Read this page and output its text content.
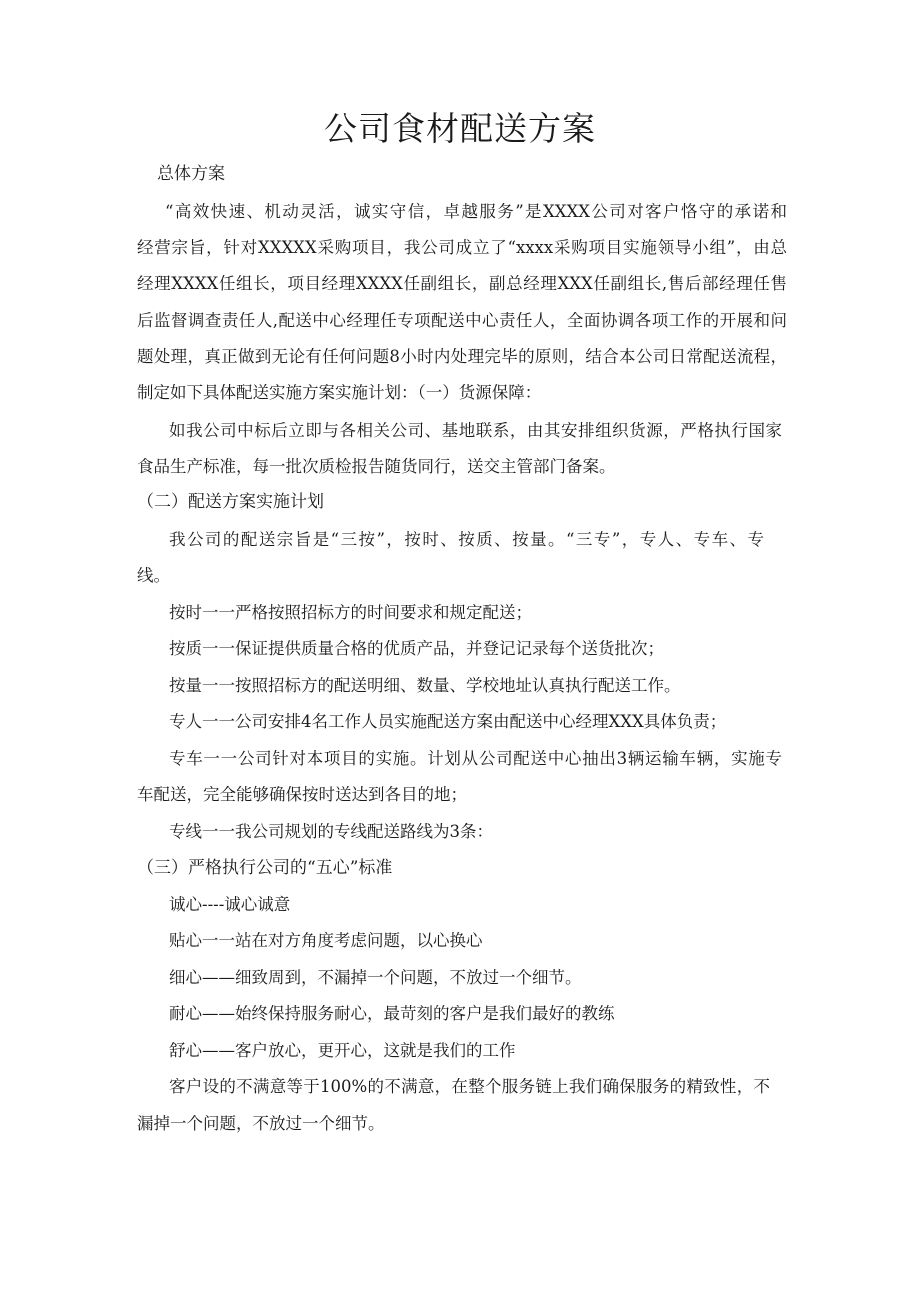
公司食材配送方案
总体方案
“高效快速、机动灵活，诚实守信，卓越服务”是XXXX公司对客户恪守的承诺和
经营宗旨，针对XXXXX采购项目，我公司成立了“xxxx采购项目实施领导小组”，由总
经理XXXX任组长，项目经理XXXX任副组长，副总经理XXX任副组长,售后部经理任售
后监督调查责任人,配送中心经理任专项配送中心责任人，全面协调各项工作的开展和问
题处理，真正做到无论有任何问题8小时内处理完毕的原则，结合本公司日常配送流程，
制定如下具体配送实施方案实施计划：（一）货源保障：
如我公司中标后立即与各相关公司、基地联系，由其安排组织货源，严格执行国家
食品生产标准，每一批次质检报告随货同行，送交主管部门备案。
（二）配送方案实施计划
我公司的配送宗旨是“三按”，按时、按质、按量。“三专”，专人、专车、专
线。
按时一一严格按照招标方的时间要求和规定配送；
按质一一保证提供质量合格的优质产品，并登记记录每个送货批次；
按量一一按照招标方的配送明细、数量、学校地址认真执行配送工作。
专人一一公司安排4名工作人员实施配送方案由配送中心经理XXX具体负责；
专车一一公司针对本项目的实施。计划从公司配送中心抽出3辆运输车辆，实施专
车配送，完全能够确保按时送达到各目的地；
专线一一我公司规划的专线配送路线为3条：
（三）严格执行公司的“五心”标准
诚心----诚心诚意
贴心一一站在对方角度考虑问题，以心换心
细心——细致周到，不漏掉一个问题，不放过一个细节。
耐心——始终保持服务耐心，最苛刻的客户是我们最好的教练
舒心——客户放心，更开心，这就是我们的工作
客户设的不满意等于100%的不满意，在整个服务链上我们确保服务的精致性，不
漏掉一个问题，不放过一个细节。
